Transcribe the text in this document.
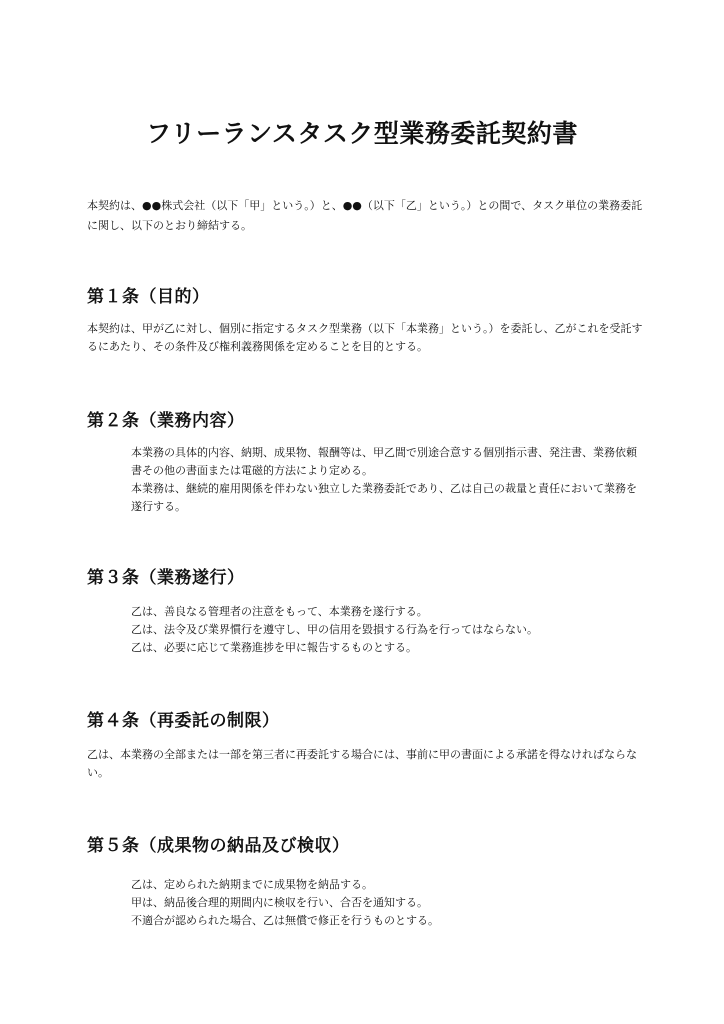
フリーランスタスク型業務委託契約書

本契約は、●●株式会社（以下「甲」という。）と、●●（以下「乙」という。）との間で、タスク単位の業務委託に関し、以下のとおり締結する。

第１条（目的）

本契約は、甲が乙に対し、個別に指定するタスク型業務（以下「本業務」という。）を委託し、乙がこれを受託するにあたり、その条件及び権利義務関係を定めることを目的とする。

第２条（業務内容）

本業務の具体的内容、納期、成果物、報酬等は、甲乙間で別途合意する個別指示書、発注書、業務依頼書その他の書面または電磁的方法により定める。

本業務は、継続的雇用関係を伴わない独立した業務委託であり、乙は自己の裁量と責任において業務を遂行する。

第３条（業務遂行）

乙は、善良なる管理者の注意をもって、本業務を遂行する。

乙は、法令及び業界慣行を遵守し、甲の信用を毀損する行為を行ってはならない。

乙は、必要に応じて業務進捗を甲に報告するものとする。

第４条（再委託の制限）

乙は、本業務の全部または一部を第三者に再委託する場合には、事前に甲の書面による承諾を得なければならない。

第５条（成果物の納品及び検収）

乙は、定められた納期までに成果物を納品する。

甲は、納品後合理的期間内に検収を行い、合否を通知する。

不適合が認められた場合、乙は無償で修正を行うものとする。
